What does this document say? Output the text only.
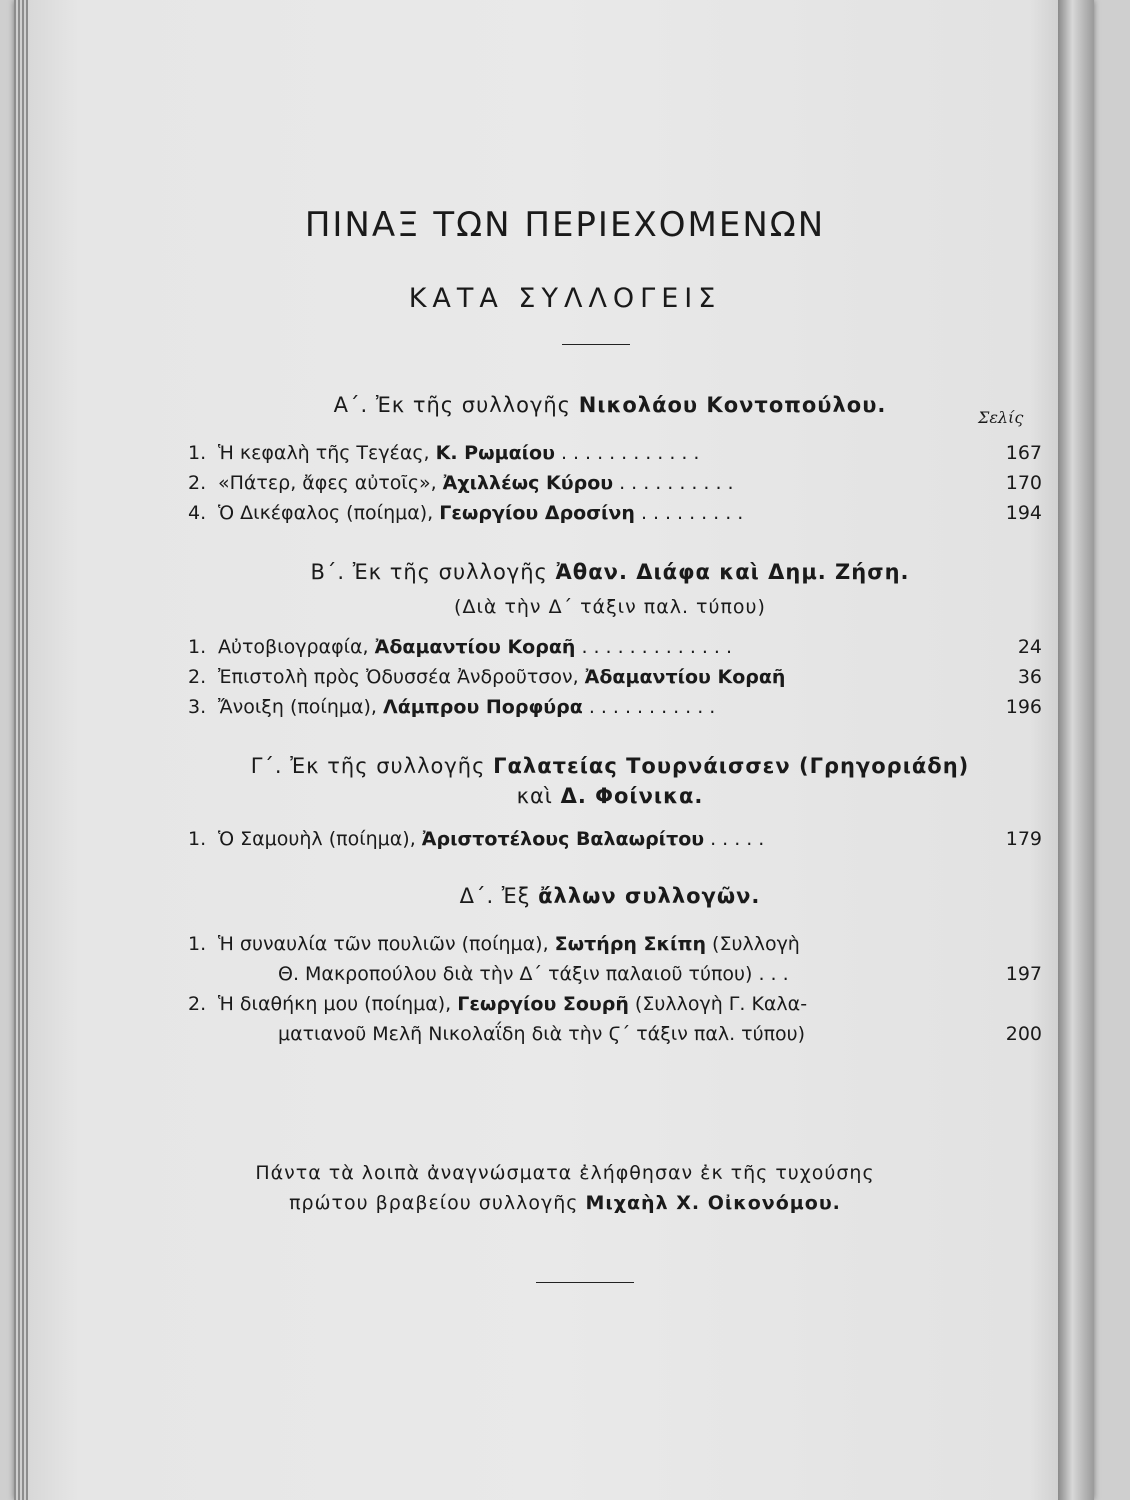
ΠΙΝΑΞ ΤΩΝ ΠΕΡΙΕΧΟΜΕΝΩΝ
ΚΑΤΑ ΣΥΛΛΟΓΕΙΣ
Α΄. Ἐκ τῆς συλλογῆς Νικολάου Κοντοπούλου.
Σελίς
1. Ἡ κεφαλὴ τῆς Τεγέας, Κ. Ρωμαίου ............	167
2. «Πάτερ, ἄφες αὐτοῖς», Ἀχιλλέως Κύρου ..........	170
4. Ὁ Δικέφαλος (ποίημα), Γεωργίου Δροσίνη .........	194
Β΄. Ἐκ τῆς συλλογῆς Ἀθαν. Διάφα καὶ Δημ. Ζήση.
(Διὰ τὴν Δ΄ τάξιν παλ. τύπου)
1. Αὐτοβιογραφία, Ἀδαμαντίου Κοραῆ .............	24
2. Ἐπιστολὴ πρὸς Ὀδυσσέα Ἀνδροῦτσον, Ἀδαμαντίου Κοραῆ	36
3. Ἄνοιξη (ποίημα), Λάμπρου Πορφύρα ...........	196
Γ΄. Ἐκ τῆς συλλογῆς Γαλατείας Τουρνάισσεν (Γρηγοριάδη)
καὶ Δ. Φοίνικα.
1. Ὁ Σαμουὴλ (ποίημα), Ἀριστοτέλους Βαλαωρίτου .....	179
Δ΄. Ἐξ ἄλλων συλλογῶν.
1. Ἡ συναυλία τῶν πουλιῶν (ποίημα), Σωτήρη Σκίπη (Συλλογὴ
Θ. Μακροπούλου διὰ τὴν Δ΄ τάξιν παλαιοῦ τύπου) ...	197
2. Ἡ διαθήκη μου (ποίημα), Γεωργίου Σουρῆ (Συλλογὴ Γ. Καλα-
ματιανοῦ Μελῆ Νικολαΐδη διὰ τὴν Ϛ΄ τάξιν παλ. τύπου)	200
Πάντα τὰ λοιπὰ ἀναγνώσματα ἐλήφθησαν ἐκ τῆς τυχούσης
πρώτου βραβείου συλλογῆς Μιχαὴλ Χ. Οἰκονόμου.
